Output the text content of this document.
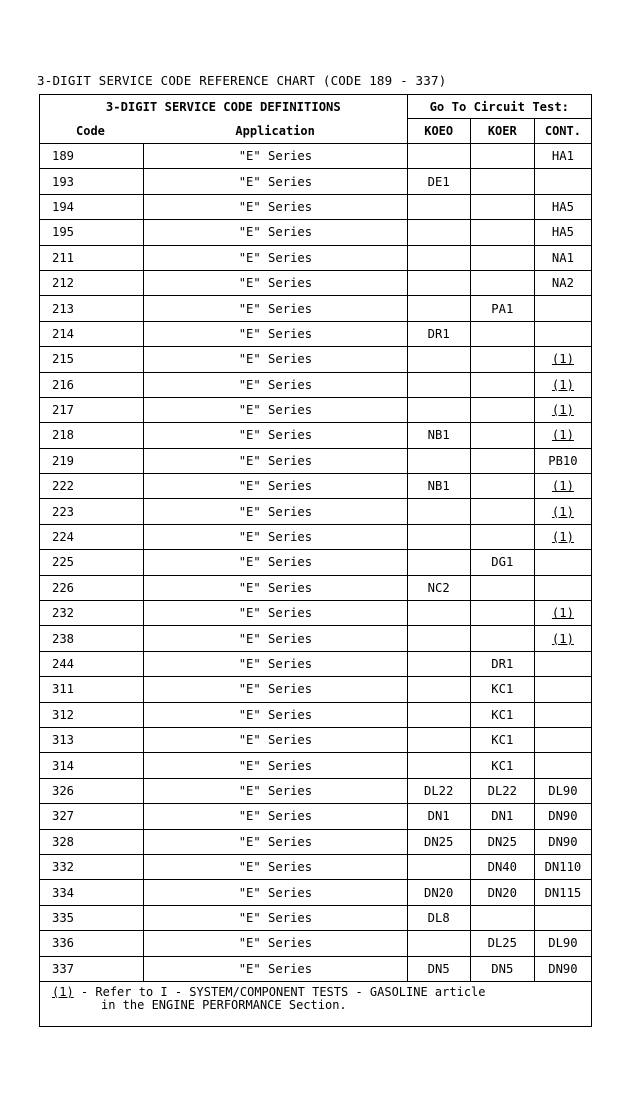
3-DIGIT SERVICE CODE REFERENCE CHART (CODE 189 - 337)
3-DIGIT SERVICE CODE DEFINITIONS		Go To Circuit Test:		
Code	Application	KOEO	KOER	CONT.
189	"E" Series			HA1
193	"E" Series	DE1		
194	"E" Series			HA5
195	"E" Series			HA5
211	"E" Series			NA1
212	"E" Series			NA2
213	"E" Series		PA1	
214	"E" Series	DR1		
215	"E" Series			(1)
216	"E" Series			(1)
217	"E" Series			(1)
218	"E" Series	NB1		(1)
219	"E" Series			PB10
222	"E" Series	NB1		(1)
223	"E" Series			(1)
224	"E" Series			(1)
225	"E" Series		DG1	
226	"E" Series	NC2		
232	"E" Series			(1)
238	"E" Series			(1)
244	"E" Series		DR1	
311	"E" Series		KC1	
312	"E" Series		KC1	
313	"E" Series		KC1	
314	"E" Series		KC1	
326	"E" Series	DL22	DL22	DL90
327	"E" Series	DN1	DN1	DN90
328	"E" Series	DN25	DN25	DN90
332	"E" Series		DN40	DN110
334	"E" Series	DN20	DN20	DN115
335	"E" Series	DL8		
336	"E" Series		DL25	DL90
337	"E" Series	DN5	DN5	DN90
(1) - Refer to I - SYSTEM/COMPONENT TESTS - GASOLINE article
in the ENGINE PERFORMANCE Section.				
